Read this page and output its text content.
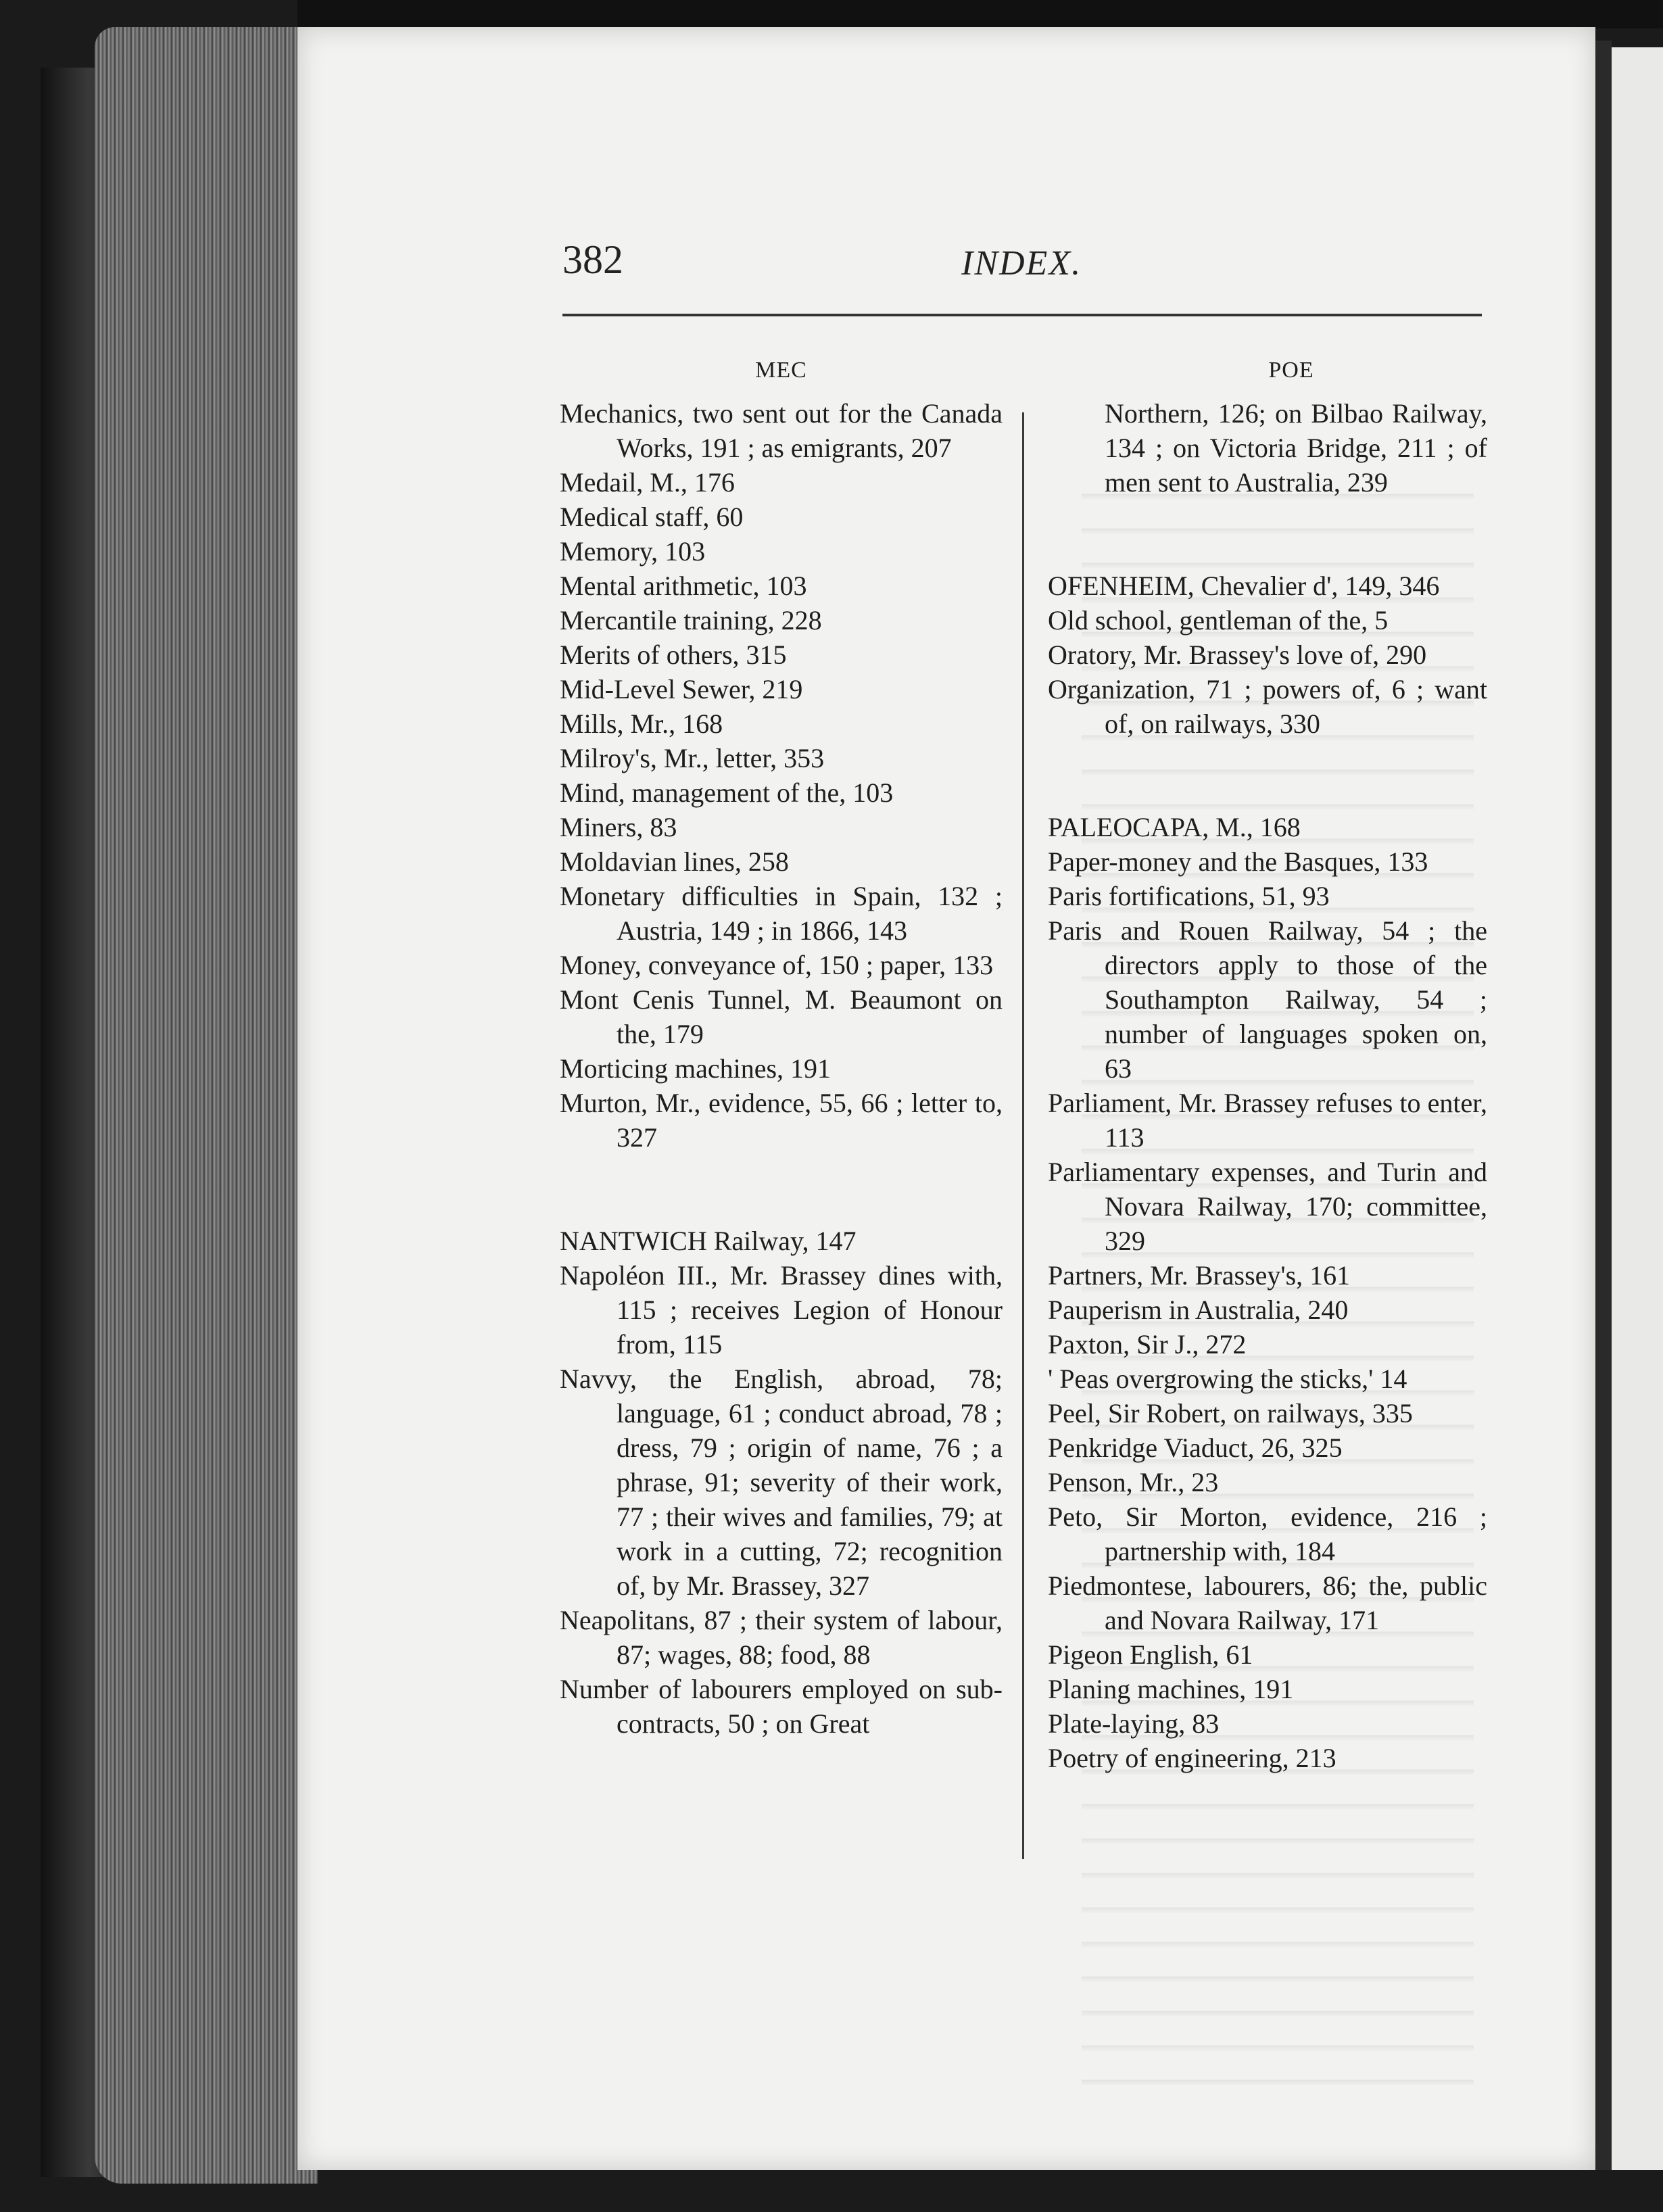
382	INDEX.
MEC
Mechanics, two sent out for the Canada Works, 191 ; as emigrants, 207
Medail, M., 176
Medical staff, 60
Memory, 103
Mental arithmetic, 103
Mercantile training, 228
Merits of others, 315
Mid-Level Sewer, 219
Mills, Mr., 168
Milroy's, Mr., letter, 353
Mind, management of the, 103
Miners, 83
Moldavian lines, 258
Monetary difficulties in Spain, 132 ; Austria, 149 ; in 1866, 143
Money, conveyance of, 150 ; paper, 133
Mont Cenis Tunnel, M. Beaumont on the, 179
Morticing machines, 191
Murton, Mr., evidence, 55, 66 ; letter to, 327
NANTWICH Railway, 147
Napoléon III., Mr. Brassey dines with, 115 ; receives Legion of Honour from, 115
Navvy, the English, abroad, 78; language, 61 ; conduct abroad, 78 ; dress, 79 ; origin of name, 76 ; a phrase, 91; severity of their work, 77 ; their wives and families, 79; at work in a cutting, 72; recognition of, by Mr. Brassey, 327
Neapolitans, 87 ; their system of labour, 87; wages, 88; food, 88
Number of labourers employed on sub-contracts, 50 ; on Great
POE
Northern, 126; on Bilbao Railway, 134 ; on Victoria Bridge, 211 ; of men sent to Australia, 239
OFENHEIM, Chevalier d', 149, 346
Old school, gentleman of the, 5
Oratory, Mr. Brassey's love of, 290
Organization, 71 ; powers of, 6 ; want of, on railways, 330
PALEOCAPA, M., 168
Paper-money and the Basques, 133
Paris fortifications, 51, 93
Paris and Rouen Railway, 54 ; the directors apply to those of the Southampton Railway, 54 ; number of languages spoken on, 63
Parliament, Mr. Brassey refuses to enter, 113
Parliamentary expenses, and Turin and Novara Railway, 170; committee, 329
Partners, Mr. Brassey's, 161
Pauperism in Australia, 240
Paxton, Sir J., 272
' Peas overgrowing the sticks,' 14
Peel, Sir Robert, on railways, 335
Penkridge Viaduct, 26, 325
Penson, Mr., 23
Peto, Sir Morton, evidence, 216 ; partnership with, 184
Piedmontese, labourers, 86; the, public and Novara Railway, 171
Pigeon English, 61
Planing machines, 191
Plate-laying, 83
Poetry of engineering, 213
